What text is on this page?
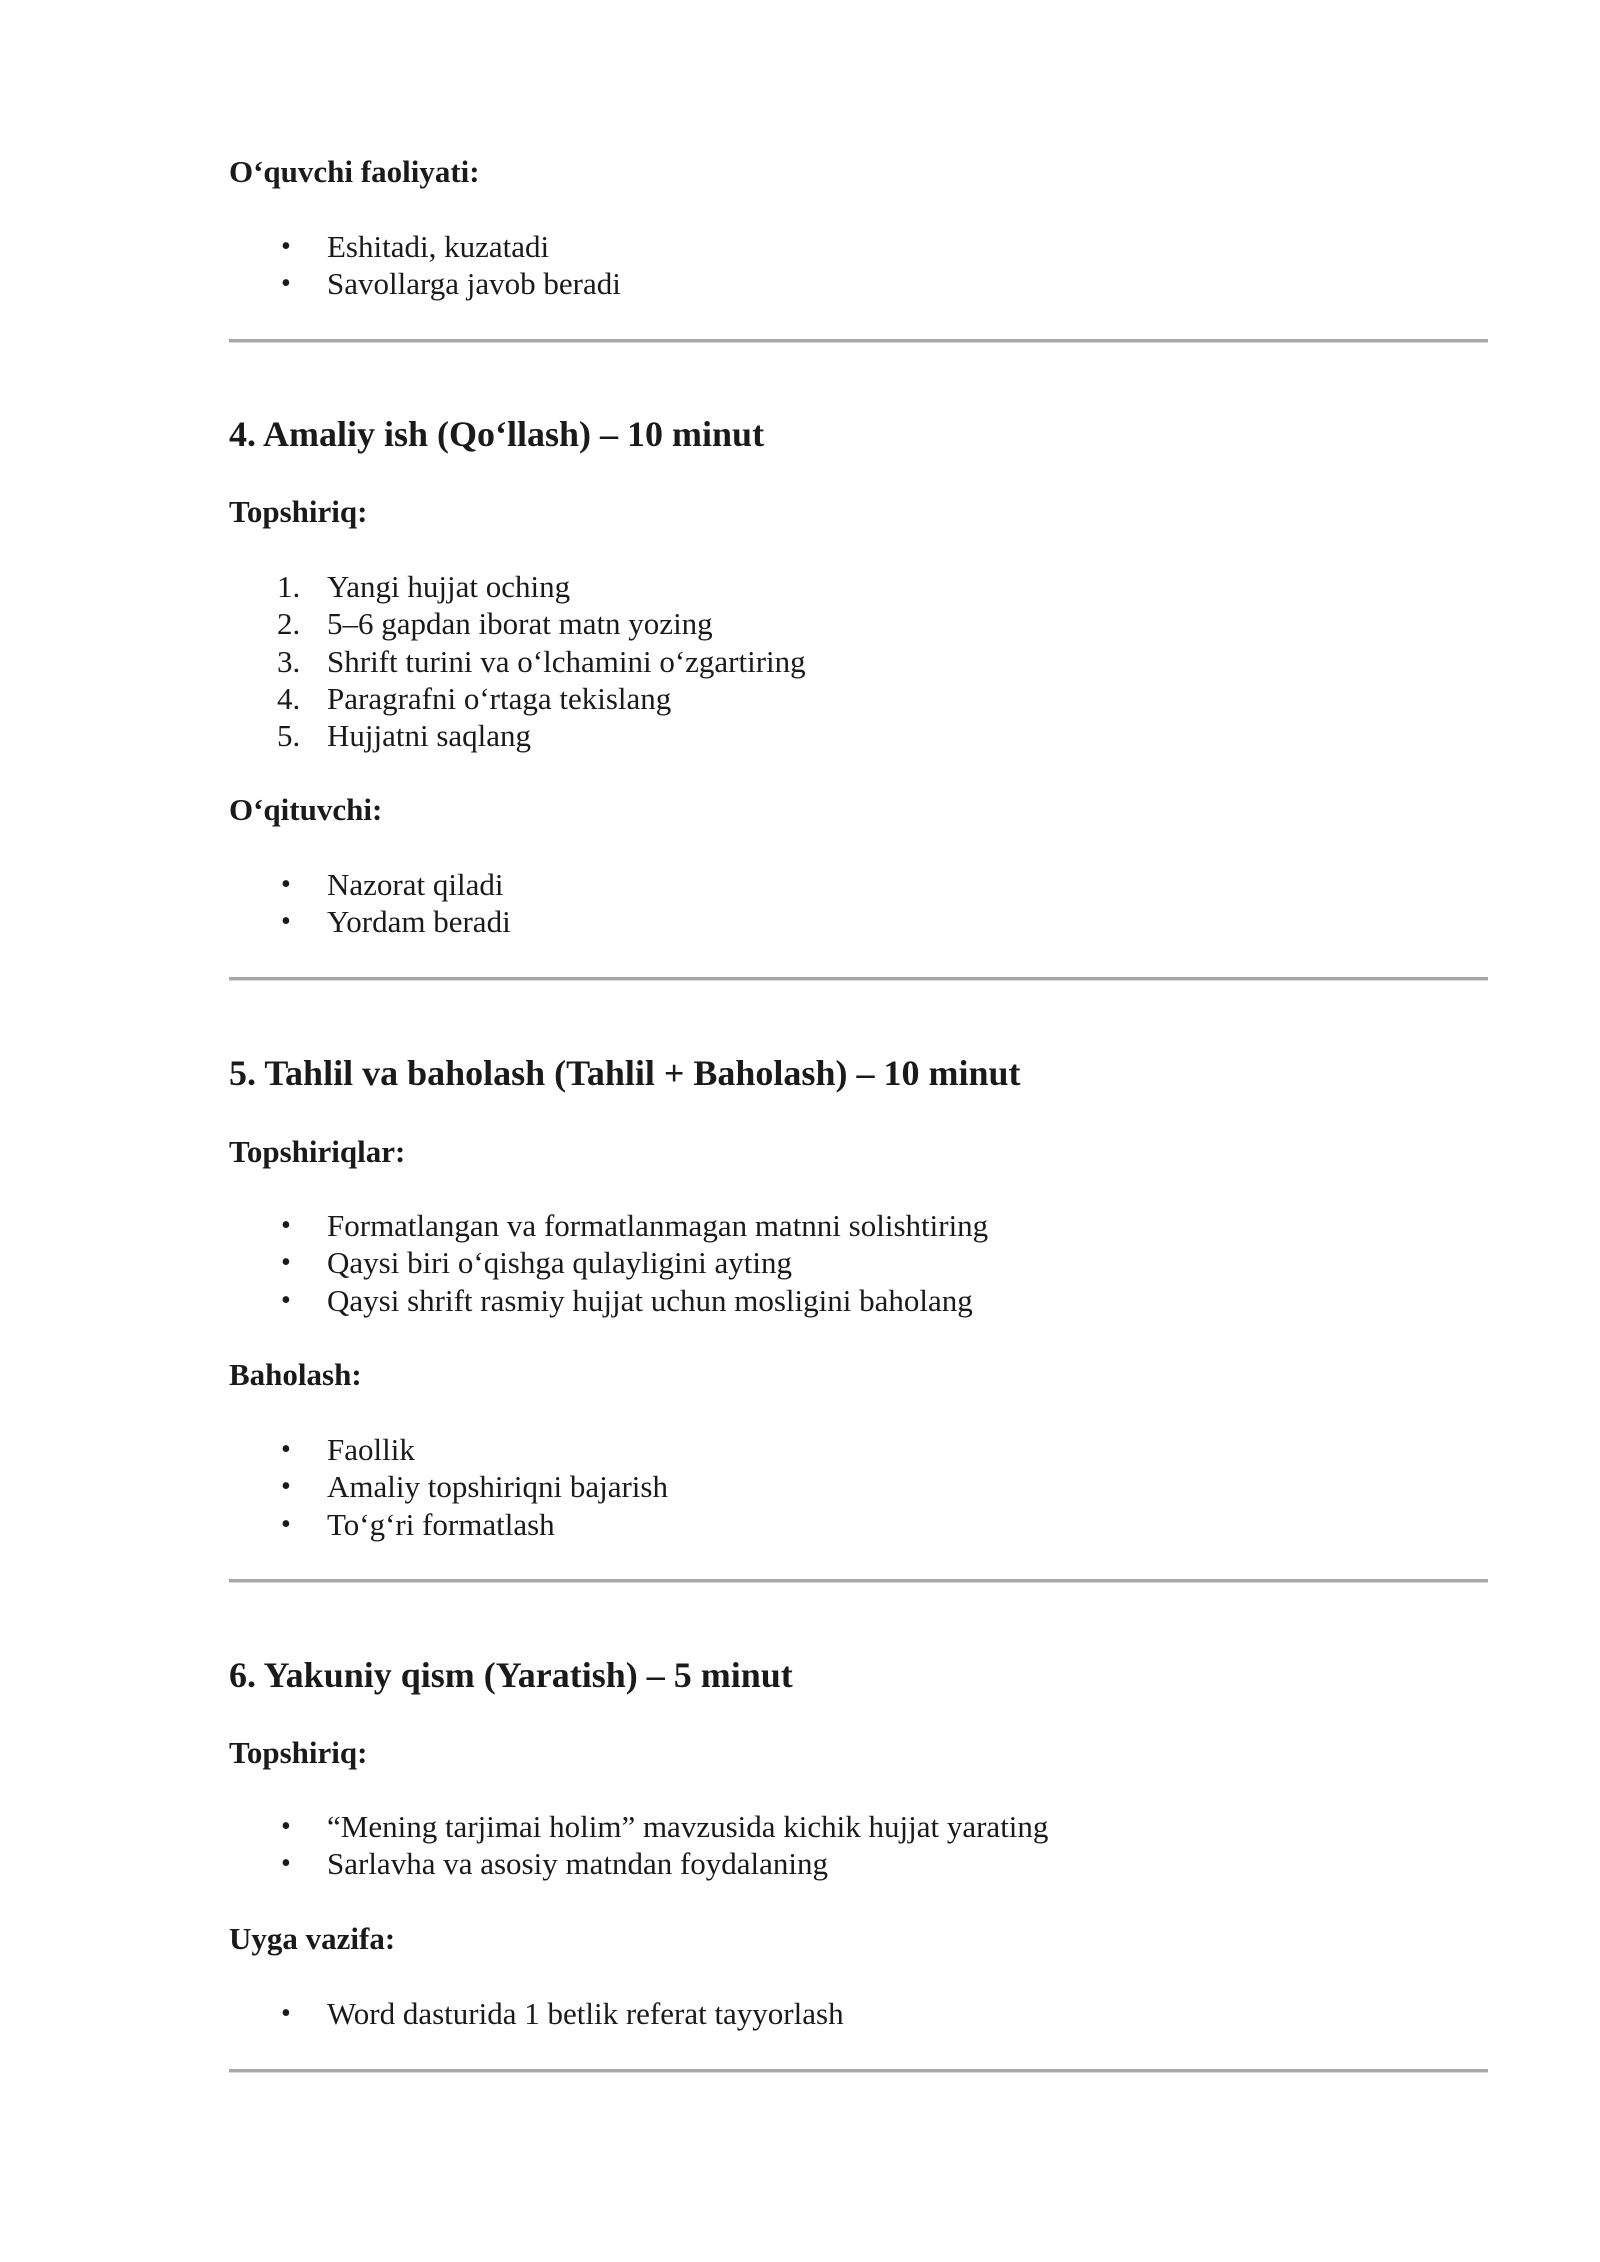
O‘quvchi faoliyati:

• Eshitadi, kuzatadi
• Savollarga javob beradi
4. Amaliy ish (Qo‘llash) – 10 minut

Topshiriq:

1. Yangi hujjat oching
2. 5–6 gapdan iborat matn yozing
3. Shrift turini va o‘lchamini o‘zgartiring
4. Paragrafni o‘rtaga tekislang
5. Hujjatni saqlang

O‘qituvchi:

• Nazorat qiladi
• Yordam beradi
5. Tahlil va baholash (Tahlil + Baholash) – 10 minut

Topshiriqlar:

• Formatlangan va formatlanmagan matnni solishtiring
• Qaysi biri o‘qishga qulayligini ayting
• Qaysi shrift rasmiy hujjat uchun mosligini baholang

Baholash:

• Faollik
• Amaliy topshiriqni bajarish
• To‘g‘ri formatlash
6. Yakuniy qism (Yaratish) – 5 minut

Topshiriq:

• “Mening tarjimai holim” mavzusida kichik hujjat yarating
• Sarlavha va asosiy matndan foydalaning

Uyga vazifa:

• Word dasturida 1 betlik referat tayyorlash
